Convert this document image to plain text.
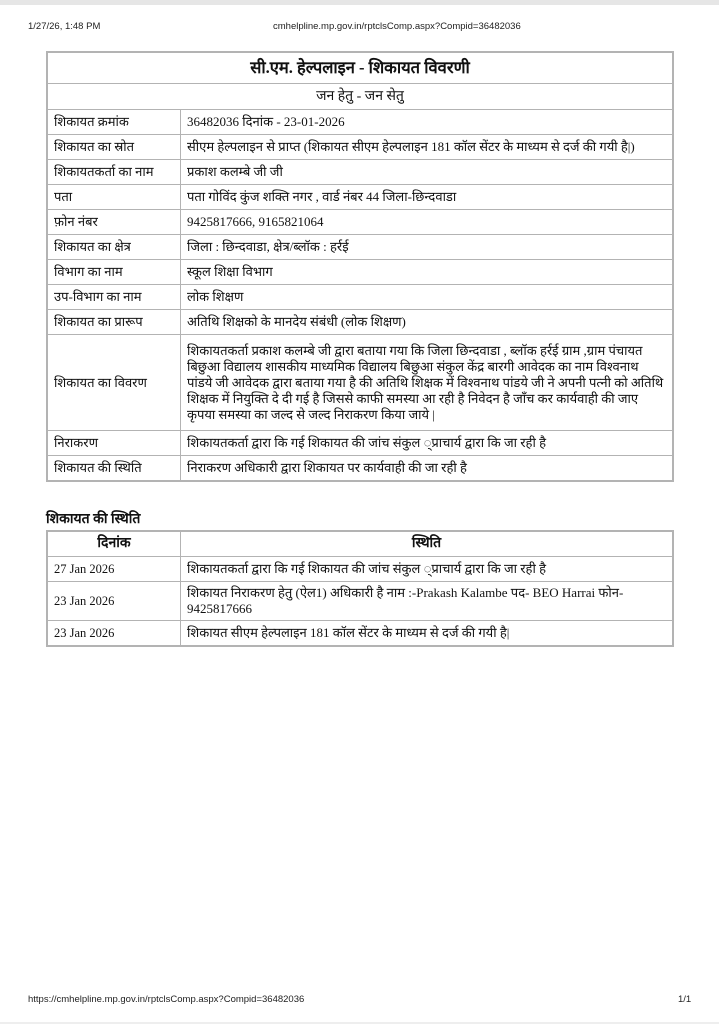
1/27/26, 1:48 PM	cmhelpline.mp.gov.in/rptclsComp.aspx?Compid=36482036
सी.एम. हेल्पलाइन - शिकायत विवरणी	
जन हेतु - जन सेतु	
शिकायत क्रमांक	36482036 दिनांक - 23-01-2026
शिकायत का स्रोत	सीएम हेल्पलाइन से प्राप्त (शिकायत सीएम हेल्पलाइन 181 कॉल सेंटर के माध्यम से दर्ज की गयी है|)
शिकायतकर्ता का नाम	प्रकाश कलम्बे जी जी
पता	पता गोविंद कुंज शक्ति नगर , वार्ड नंबर 44 जिला-छिन्दवाडा
फ़ोन नंबर	9425817666, 9165821064
शिकायत का क्षेत्र	जिला : छिन्दवाडा, क्षेत्र/ब्लॉक : हर्रई
विभाग का नाम	स्कूल शिक्षा विभाग
उप-विभाग का नाम	लोक शिक्षण
शिकायत का प्रारूप	अतिथि शिक्षको के मानदेय संबंधी (लोक शिक्षण)
शिकायत का विवरण	शिकायतकर्ता प्रकाश कलम्बे जी द्वारा बताया गया कि जिला छिन्दवाडा , ब्लॉक हर्रई ग्राम ,ग्राम पंचायत बिछुआ विद्यालय शासकीय माध्यमिक विद्यालय बिछुआ संकुल केंद्र बारगी आवेदक का नाम विश्वनाथ पांडये जी आवेदक द्वारा बताया गया है की अतिथि शिक्षक में विश्वनाथ पांडये जी ने अपनी पत्नी को अतिथि शिक्षक में नियुक्ति दे दी गई है जिससे काफी समस्या आ रही है निवेदन है जाँच कर कार्यवाही की जाए कृपया समस्या का जल्द से जल्द निराकरण किया जाये |
निराकरण	शिकायतकर्ता द्वारा कि गई शिकायत की जांच संकुल ्प्राचार्य द्वारा कि जा रही है
शिकायत की स्थिति	निराकरण अधिकारी द्वारा शिकायत पर कार्यवाही की जा रही है
शिकायत की स्थिति
दिनांक	स्थिति
27 Jan 2026	शिकायतकर्ता द्वारा कि गई शिकायत की जांच संकुल ्प्राचार्य द्वारा कि जा रही है
23 Jan 2026	शिकायत निराकरण हेतु (ऐल1) अधिकारी है नाम :-Prakash Kalambe पद- BEO Harrai फोन- 9425817666
23 Jan 2026	शिकायत सीएम हेल्पलाइन 181 कॉल सेंटर के माध्यम से दर्ज की गयी है|
https://cmhelpline.mp.gov.in/rptclsComp.aspx?Compid=36482036	1/1
